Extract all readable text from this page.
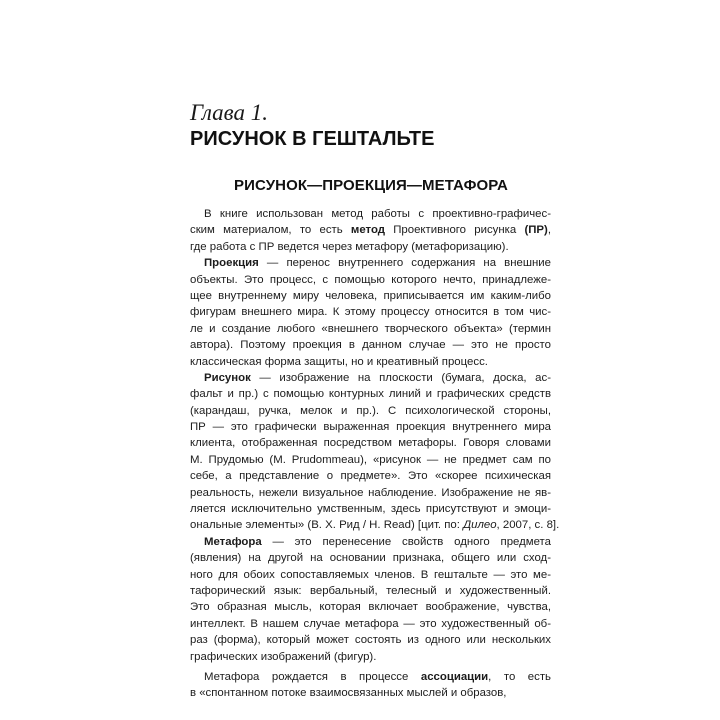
Глава 1.
РИСУНОК В ГЕШТАЛЬТЕ
РИСУНОК—ПРОЕКЦИЯ—МЕТАФОРА
В книге использован метод работы с проективно-графичес-
ским материалом, то есть метод Проективного рисунка (ПР),
где работа с ПР ведется через метафору (метафоризацию).
Проекция — перенос внутреннего содержания на внешние
объекты. Это процесс, с помощью которого нечто, принадлеже-
щее внутреннему миру человека, приписывается им каким-либо
фигурам внешнего мира. К этому процессу относится в том чис-
ле и создание любого «внешнего творческого объекта» (термин
автора). Поэтому проекция в данном случае — это не просто
классическая форма защиты, но и креативный процесс.
Рисунок — изображение на плоскости (бумага, доска, ас-
фальт и пр.) с помощью контурных линий и графических средств
(карандаш, ручка, мелок и пр.). С психологической стороны,
ПР — это графически выраженная проекция внутреннего мира
клиента, отображенная посредством метафоры. Говоря словами
М. Прудомью (M. Prudommeau), «рисунок — не предмет сам по
себе, а представление о предмете». Это «скорее психическая
реальность, нежели визуальное наблюдение. Изображение не яв-
ляется исключительно умственным, здесь присутствуют и эмоци-
ональные элементы» (В. Х. Рид / H. Read) [цит. по: Дилео, 2007, с. 8].
Метафора — это перенесение свойств одного предмета
(явления) на другой на основании признака, общего или сход-
ного для обоих сопоставляемых членов. В гештальте — это ме-
тафорический язык: вербальный, телесный и художественный.
Это образная мысль, которая включает воображение, чувства,
интеллект. В нашем случае метафора — это художественный об-
раз (форма), который может состоять из одного или нескольких
графических изображений (фигур).
Метафора рождается в процессе ассоциации, то есть
в «спонтанном потоке взаимосвязанных мыслей и образов,
